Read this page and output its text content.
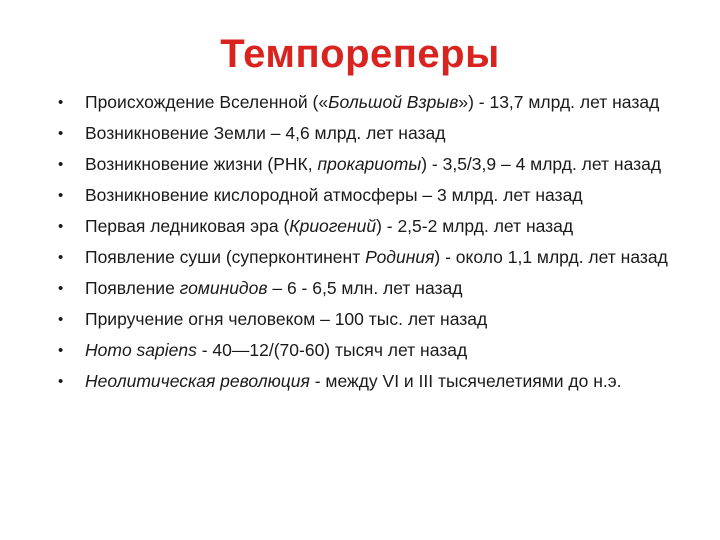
Темпореперы
• Происхождение Вселенной («Большой Взрыв») - 13,7 млрд. лет назад
• Возникновение Земли – 4,6 млрд. лет назад
• Возникновение жизни (РНК, прокариоты) - 3,5/3,9 – 4 млрд. лет назад
• Возникновение кислородной атмосферы – 3 млрд. лет назад
• Первая ледниковая эра (Криогений) - 2,5-2 млрд. лет назад
• Появление суши (суперконтинент Родиния) - около 1,1 млрд. лет назад
• Появление гоминидов – 6 - 6,5 млн. лет назад
• Приручение огня человеком – 100 тыс. лет назад
• Homo sapiens - 40—12/(70-60) тысяч лет назад
• Неолитическая революция - между VI и III тысячелетиями до н.э.
